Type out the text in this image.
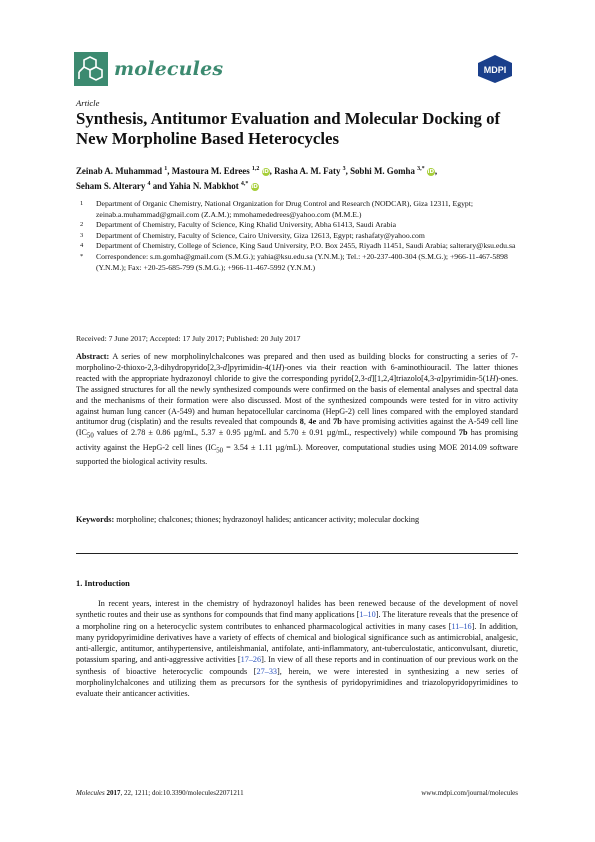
molecules	MDPI
Article
Synthesis, Antitumor Evaluation and Molecular Docking of New Morpholine Based Heterocycles
Zeinab A. Muhammad $^1$, Mastoura M. Edrees $^{1,2}$ iD, Rasha A. M. Faty $^3$, Sobhi M. Gomha $^{3,*}$ iD,
Seham S. Alterary $^4$ and Yahia N. Mabkhot $^{4,*}$ iD
1	Department of Organic Chemistry, National Organization for Drug Control and Research (NODCAR), Giza 12311, Egypt; zeinab.a.muhammad@gmail.com (Z.A.M.); mmohamededrees@yahoo.com (M.M.E.)
2	Department of Chemistry, Faculty of Science, King Khalid University, Abha 61413, Saudi Arabia
3	Department of Chemistry, Faculty of Science, Cairo University, Giza 12613, Egypt; rashafaty@yahoo.com
4	Department of Chemistry, College of Science, King Saud University, P.O. Box 2455, Riyadh 11451, Saudi Arabia; salterary@ksu.edu.sa
*	Correspondence: s.m.gomha@gmail.com (S.M.G.); yahia@ksu.edu.sa (Y.N.M.); Tel.: +20-237-400-304 (S.M.G.); +966-11-467-5898 (Y.N.M.); Fax: +20-25-685-799 (S.M.G.); +966-11-467-5992 (Y.N.M.)
Received: 7 June 2017; Accepted: 17 July 2017; Published: 20 July 2017
Abstract: A series of new morpholinylchalcones was prepared and then used as building blocks for constructing a series of 7-morpholino-2-thioxo-2,3-dihydropyrido[2,3-d]pyrimidin-4(1H)-ones via their reaction with 6-aminothiouracil. The latter thiones reacted with the appropriate hydrazonoyl chloride to give the corresponding pyrido[2,3-d][1,2,4]triazolo[4,3-a]pyrimidin-5(1H)-ones. The assigned structures for all the newly synthesized compounds were confirmed on the basis of elemental analyses and spectral data and the mechanisms of their formation were also discussed. Most of the synthesized compounds were tested for in vitro activity against human lung cancer (A-549) and human hepatocellular carcinoma (HepG-2) cell lines compared with the employed standard antitumor drug (cisplatin) and the results revealed that compounds 8, 4e and 7b have promising activities against the A-549 cell line ($IC_{50}$ values of 2.78 ± 0.86 µg/mL, 5.37 ± 0.95 µg/mL and 5.70 ± 0.91 µg/mL, respectively) while compound 7b has promising activity against the HepG-2 cell lines ($IC_{50} = 3.54 \pm 1.11$ µg/mL). Moreover, computational studies using MOE 2014.09 software supported the biological activity results.
Keywords: morpholine; chalcones; thiones; hydrazonoyl halides; anticancer activity; molecular docking
1. Introduction
In recent years, interest in the chemistry of hydrazonoyl halides has been renewed because of the development of novel synthetic routes and their use as synthons for compounds that find many applications [1–10]. The literature reveals that the presence of a morpholine ring on a heterocyclic system contributes to enhanced pharmacological activities in many cases [11–16]. In addition, many pyridopyrimidine derivatives have a variety of effects of chemical and biological significance such as antimicrobial, analgesic, anti-allergic, antitumor, antihypertensive, antileishmanial, antifolate, anti-inflammatory, ant-tuberculostatic, anticonvulsant, diuretic, potassium sparing, and anti-aggressive activities [17–26]. In view of all these reports and in continuation of our previous work on the synthesis of bioactive heterocyclic compounds [27–33], herein, we were interested in synthesizing a new series of morpholinylchalcones and utilizing them as precursors for the synthesis of pyridopyrimidines and triazolopyridopyrimidines to evaluate their anticancer activities.
Molecules 2017, 22, 1211; doi:10.3390/molecules22071211	www.mdpi.com/journal/molecules
